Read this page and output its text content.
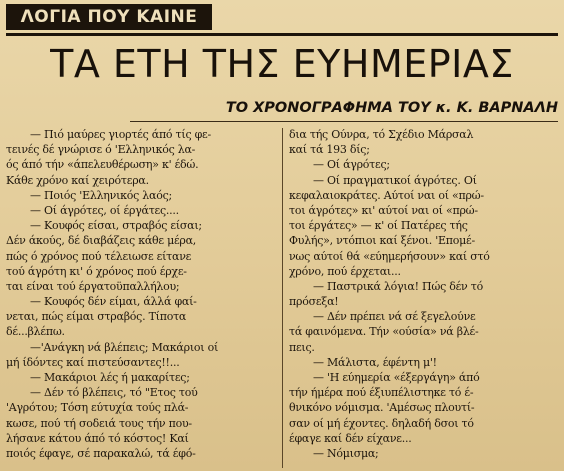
ΛΟΓΙΑ ΠΟΥ ΚΑΙΝΕ
ΤΑ ΕΤΗ ΤΗΣ ΕΥΗΜΕΡΙΑΣ
ΤΟ ΧΡΟΝΟΓΡΑΦΗΜΑ ΤΟΥ κ. Κ. ΒΑΡΝΑΛΗ
— Πιό μαύρες γιορτές άπό τίς φε-
τεινές δέ γνώρισε ό 'Ελληνικός λα-
ός άπό τήν «άπελευθέρωση» κ' έδώ.
Κάθε χρόνο καί χειρότερα.
— Ποιός 'Ελληνικός λαός;
— Οί άγρότες, οί έργάτες....
— Κουφός είσαι, στραβός είσαι;
Δέν άκούς, δέ διαβάζεις κάθε μέρα,
πώς ό χρόνος πού τέλειωσε είτανε
τού άγρότη κι' ό χρόνος πού έρχε-
ται είναι τού έργατοϋπαλλήλου;
— Κουφός δέν είμαι, άλλά φαί-
νεται, πώς είμαι στραβός. Τίποτα
δέ...βλέπω.
—'Ανάγκη νά βλέπεις; Μακάριοι οί
μή ίδόντες καί πιστεύσαντες!!...
— Μακάριοι λές ή μακαρίτες;
— Δέν τό βλέπεις, τό "Ετος τού
'Αγρότου; Τόση εύτυχία τούς πλά-
κωσε, πού τή σοδειά τους τήν που-
λήσανε κάτου άπό τό κόστος! Καί
ποιός έφαγε, σέ παρακαλώ, τά έφό-
δια τής Ούνρα, τό Σχέδιο Μάρσαλ
καί τά 193 δίς;
— Οί άγρότες;
— Οί πραγματικοί άγρότες. Οί
κεφαλαιοκράτες. Αύτοί ναι οί «πρώ-
τοι άγρότες» κι' αύτοί ναι οί «πρώ-
τοι έργάτες» — κ' οί Πατέρες τής
Φυλής», ντόπιοι καί ξένοι. 'Επομέ-
νως αύτοί θά «εύημερήσουν» καί στό
χρόνο, πού έρχεται...
— Παστρικά λόγια! Πώς δέν τό
πρόσεξα!
— Δέν πρέπει νά σέ ξεγελούνε
τά φαινόμενα. Τήν «ούσία» νά βλέ-
πεις.
— Μάλιστα, έφέντη μ'!
— 'Η εύημερία «έξεργάγη» άπό
τήν ήμέρα πού έξιυπέλιστηκε τό έ-
θνικόνο νόμισμα. 'Αμέσως πλουτί-
σαν οί μή έχοντες. δηλαδή δσοι τό
έφαγε καί δέν είχανε...
— Νόμισμα;
